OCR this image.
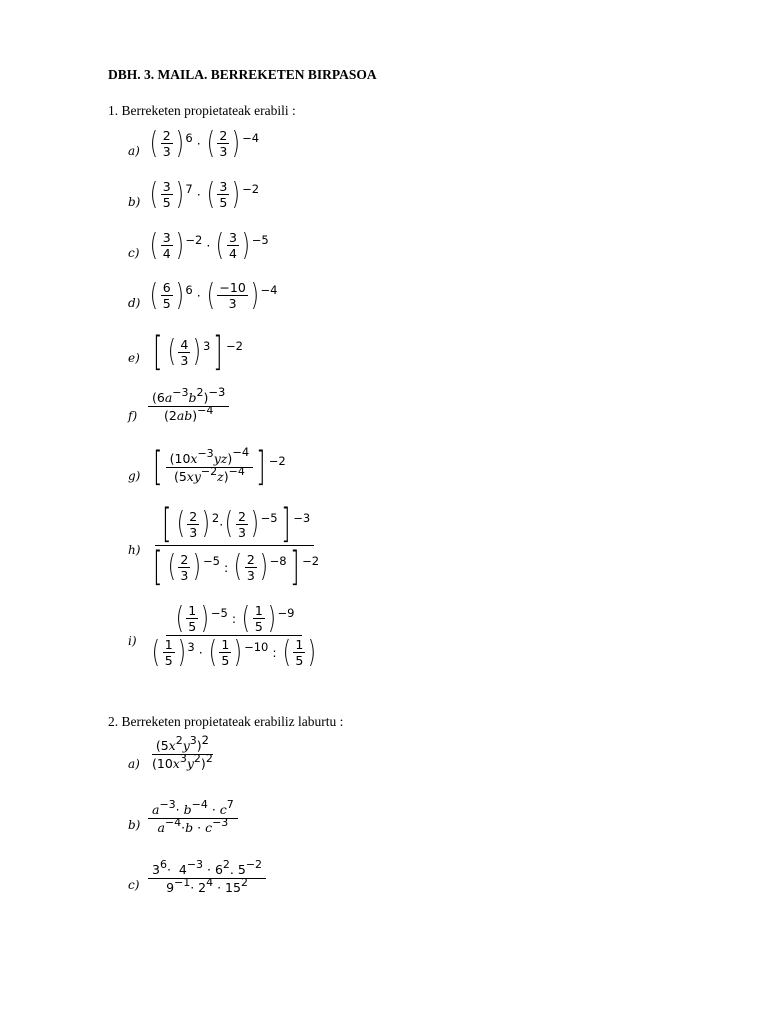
DBH. 3. MAILA. BERREKETEN BIRPASOA
1. Berreketen propietateak erabili :
a) ( $\frac{2}{3} )^6$ · ( $\frac{2}{3} )^{-4}$
b) ( $\frac{3}{5} )^7$ · ( $\frac{3}{5} )^{-2}$
c) ( $\frac{3}{4} )^{-2}$ · ( $\frac{3}{4} )^{-5}$
d) ( $\frac{6}{5} )^6$ · ( $\frac{-10}{3} )^{-4}$
e) [ ( $\frac{4}{3} )^3$ ] $^{-2}$
f)
$(6a^{-3}b^2)^{-3}$
$(2ab)^{-4}$
g) [ $(10x^{-3}yz)^{-4}$
$(5xy^{-2}z)^{-4}$ ] $^{-2}$
h)
[ ( $\frac{2}{3} )^2$ · ( $\frac{2}{3} )^{-5}$ ] $^{-3}$
[ ( $\frac{2}{3} )^{-5}$ : ( $\frac{2}{3} )^{-8}$ ] $^{-2}$
i)
( $\frac{1}{5} )^{-5}$ : ( $\frac{1}{5} )^{-9}$
( $\frac{1}{5} )^3$ · ( $\frac{1}{5} )^{-10}$ : ( $\frac{1}{5}$ )
2. Berreketen propietateak erabiliz laburtu :
a)
$(5x^2y^3)^2$
$(10x^3y^2)^2$
b)
$a^{-3}\cdot b^{-4} \cdot c^7$
$a^{-4}\cdot b \cdot c^{-3}$
c)
$3^6\cdot 4^{-3} \cdot 6^2$. $5^{-2}$
$9^{-1}\cdot 2^4 \cdot 15^2$
